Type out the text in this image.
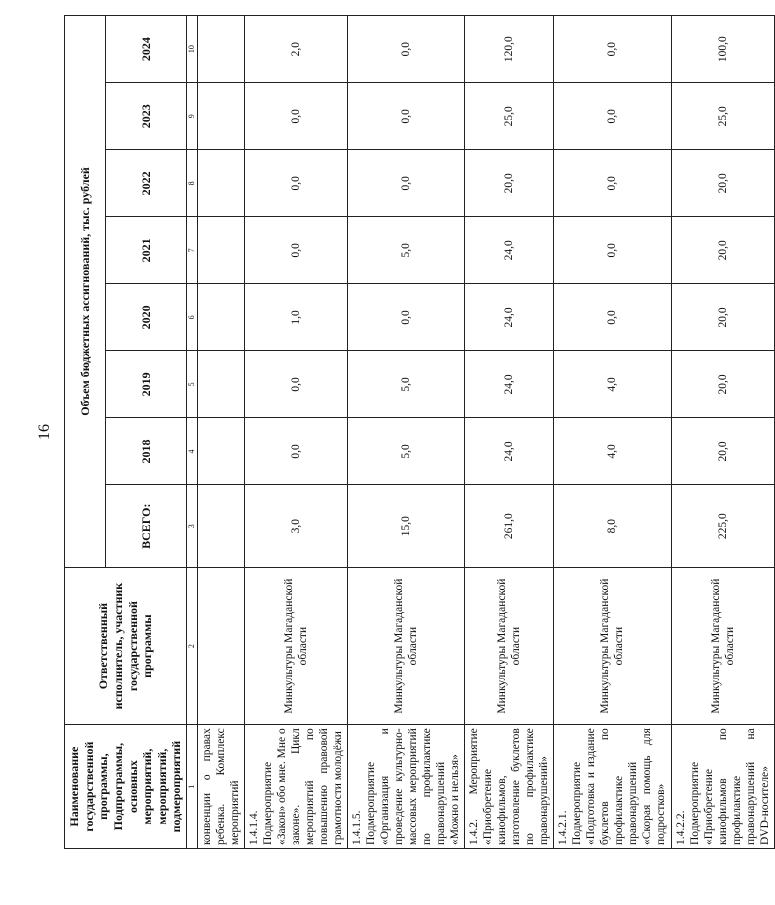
16
Наименование государственной программы, Подпрограммы, основных мероприятий, мероприятий, подмероприятий	Ответственный исполнитель, участник государственной программы	Объем бюджетных ассигнований, тыс. рублей							
		ВСЕГО:	2018	2019	2020	2021	2022	2023	2024
1	2	3	4	5	6	7	8	9	10
конвенции о правах ребенка. Комплекс мероприятий									
1.4.1.4. Подмероприятие «Закон» обо мне. Мне о законе». Цикл мероприятий по повышению правовой грамотности молодёжи	Минкультуры Магаданской области	3,0	0,0	0,0	1,0	0,0	0,0	0,0	2,0
1.4.1.5. Подмероприятие «Организация и проведение культурно-массовых мероприятий по профилактике правонарушений «Можно и нельзя»	Минкультуры Магаданской области	15,0	5,0	5,0	0,0	5,0	0,0	0,0	0,0
1.4.2. Мероприятие «Приобретение кинофильмов, изготовление буклетов по профилактике правонарушений»	Минкультуры Магаданской области	261,0	24,0	24,0	24,0	24,0	20,0	25,0	120,0
1.4.2.1. Подмероприятие «Подготовка и издание буклетов по профилактике правонарушений «Скорая помощь для подростков»	Минкультуры Магаданской области	8,0	4,0	4,0	0,0	0,0	0,0	0,0	0,0
1.4.2.2. Подмероприятие «Приобретение кинофильмов по профилактике правонарушений на DVD-носителе»	Минкультуры Магаданской области	225,0	20,0	20,0	20,0	20,0	20,0	25,0	100,0
